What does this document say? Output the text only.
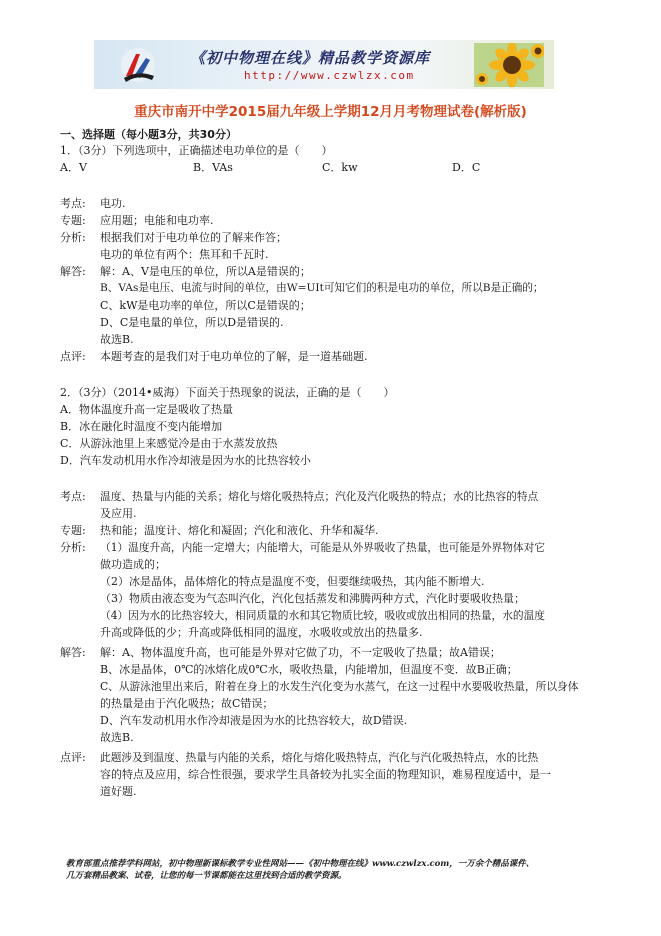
《初中物理在线》精品教学资源库
http://www.czwlzx.com
重庆市南开中学2015届九年级上学期12月月考物理试卷(解析版)
一、选择题（每小题3分，共30分）
1．（3分）下列选项中，正确描述电功单位的是（　　）
A．V	B．VAs	C．kw	D．C
考点: 电功.
专题: 应用题；电能和电功率.
分析: 根据我们对于电功单位的了解来作答；
电功的单位有两个：焦耳和千瓦时.
解答: 解：A、V是电压的单位，所以A是错误的；
B、VAs是电压、电流与时间的单位，由W=UIt可知它们的积是电功的单位，所以B是正确的；
C、kW是电功率的单位，所以C是错误的；
D、C是电量的单位，所以D是错误的.
故选B.
点评: 本题考查的是我们对于电功单位的了解，是一道基础题.
2．（3分）（2014•威海）下面关于热现象的说法，正确的是（　　）
A．物体温度升高一定是吸收了热量
B．冰在融化时温度不变内能增加
C．从游泳池里上来感觉冷是由于水蒸发放热
D．汽车发动机用水作冷却液是因为水的比热容较小
考点: 温度、热量与内能的关系；熔化与熔化吸热特点；汽化及汽化吸热的特点；水的比热容的特点
及应用.
专题: 热和能；温度计、熔化和凝固；汽化和液化、升华和凝华.
分析: （1）温度升高，内能一定增大；内能增大，可能是从外界吸收了热量，也可能是外界物体对它
做功造成的；
（2）冰是晶体，晶体熔化的特点是温度不变，但要继续吸热，其内能不断增大.
（3）物质由液态变为气态叫汽化，汽化包括蒸发和沸腾两种方式，汽化时要吸收热量；
（4）因为水的比热容较大，相同质量的水和其它物质比较，吸收或放出相同的热量，水的温度
升高或降低的少；升高或降低相同的温度，水吸收或放出的热量多.
解答: 解：A、物体温度升高，也可能是外界对它做了功，不一定吸收了热量；故A错误；
B、冰是晶体，0℃的冰熔化成0℃水，吸收热量，内能增加，但温度不变．故B正确；
C、从游泳池里出来后，附着在身上的水发生汽化变为水蒸气，在这一过程中水要吸收热量，所以身体
的热量是由于汽化吸热；故C错误；
D、汽车发动机用水作冷却液是因为水的比热容较大，故D错误.
故选B.
点评: 此题涉及到温度、热量与内能的关系，熔化与熔化吸热特点，汽化与汽化吸热特点，水的比热
容的特点及应用，综合性很强，要求学生具备较为扎实全面的物理知识，难易程度适中，是一
道好题.
教育部重点推荐学科网站，初中物理新课标教学专业性网站——《初中物理在线》www.czwlzx.com，一万余个精品课件、
几万套精品教案、试卷，让您的每一节课都能在这里找到合适的教学资源。
